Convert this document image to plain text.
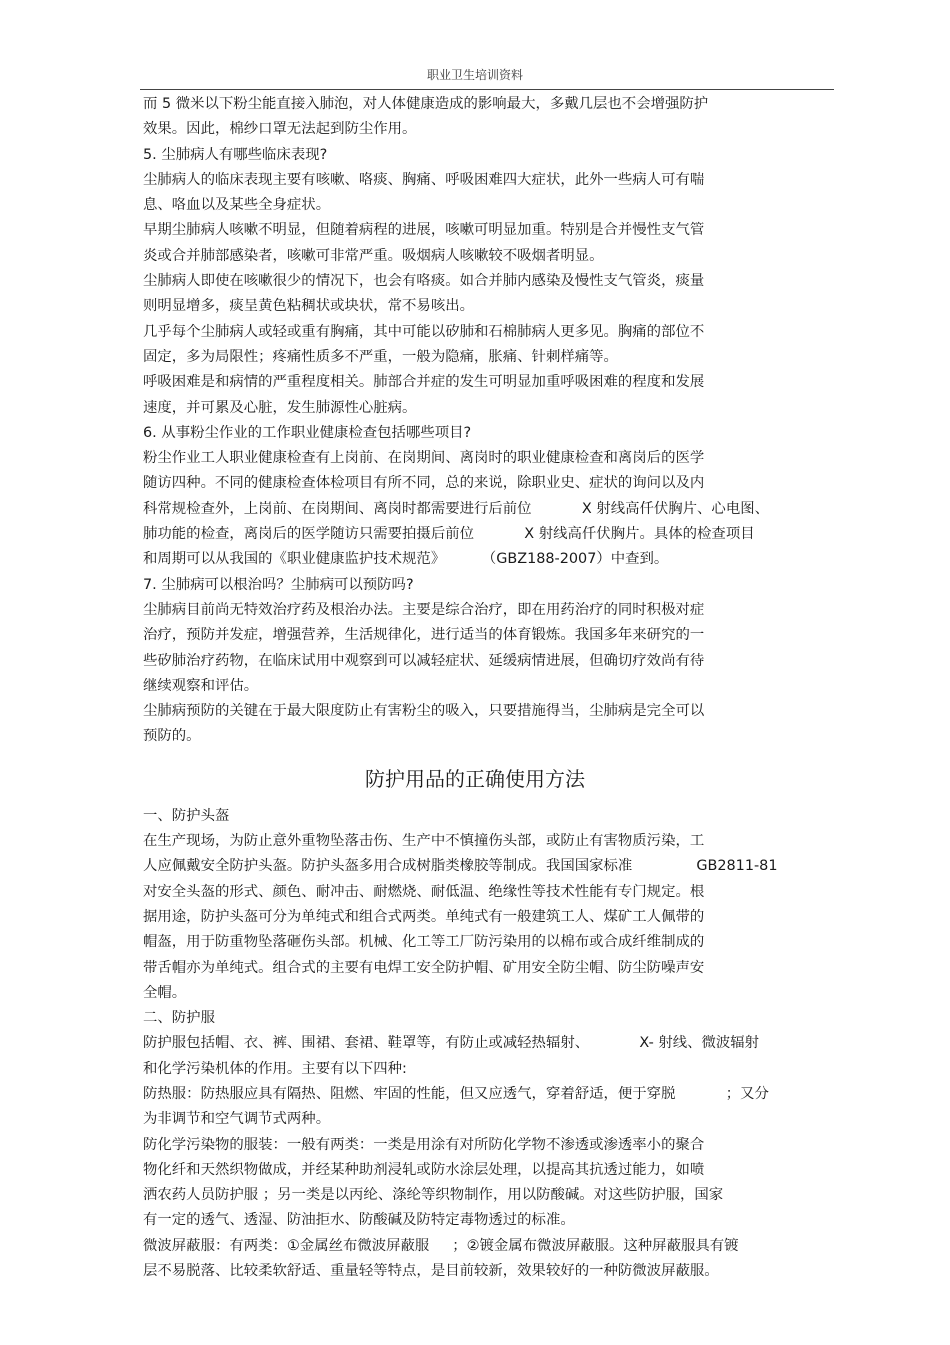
职业卫生培训资料
而 5 微米以下粉尘能直接入肺泡，对人体健康造成的影响最大，多戴几层也不会增强防护
效果。因此，棉纱口罩无法起到防尘作用。
5. 尘肺病人有哪些临床表现?
尘肺病人的临床表现主要有咳嗽、咯痰、胸痛、呼吸困难四大症状，此外一些病人可有喘
息、咯血以及某些全身症状。
早期尘肺病人咳嗽不明显，但随着病程的进展，咳嗽可明显加重。特别是合并慢性支气管
炎或合并肺部感染者，咳嗽可非常严重。吸烟病人咳嗽较不吸烟者明显。
尘肺病人即使在咳嗽很少的情况下，也会有咯痰。如合并肺内感染及慢性支气管炎，痰量
则明显增多，痰呈黄色粘稠状或块状，常不易咳出。
几乎每个尘肺病人或轻或重有胸痛，其中可能以矽肺和石棉肺病人更多见。胸痛的部位不
固定，多为局限性；疼痛性质多不严重，一般为隐痛，胀痛、针刺样痛等。
呼吸困难是和病情的严重程度相关。肺部合并症的发生可明显加重呼吸困难的程度和发展
速度，并可累及心脏，发生肺源性心脏病。
6. 从事粉尘作业的工作职业健康检查包括哪些项目?
粉尘作业工人职业健康检查有上岗前、在岗期间、离岗时的职业健康检查和离岗后的医学
随访四种。不同的健康检查体检项目有所不同，总的来说，除职业史、症状的询问以及内
科常规检查外，上岗前、在岗期间、离岗时都需要进行后前位           X 射线高仟伏胸片、心电图、
肺功能的检查，离岗后的医学随访只需要拍摄后前位           X 射线高仟伏胸片。具体的检查项目
和周期可以从我国的《职业健康监护技术规范》        （GBZ188-2007）中查到。
7. 尘肺病可以根治吗？尘肺病可以预防吗?
尘肺病目前尚无特效治疗药及根治办法。主要是综合治疗，即在用药治疗的同时积极对症
治疗，预防并发症，增强营养，生活规律化，进行适当的体育锻炼。我国多年来研究的一
些矽肺治疗药物，在临床试用中观察到可以减轻症状、延缓病情进展，但确切疗效尚有待
继续观察和评估。
尘肺病预防的关键在于最大限度防止有害粉尘的吸入，只要措施得当，尘肺病是完全可以
预防的。
防护用品的正确使用方法
一、防护头盔
在生产现场，为防止意外重物坠落击伤、生产中不慎撞伤头部，或防止有害物质污染，工
人应佩戴安全防护头盔。防护头盔多用合成树脂类橡胶等制成。我国国家标准              GB2811-81
对安全头盔的形式、颜色、耐冲击、耐燃烧、耐低温、绝缘性等技术性能有专门规定。根
据用途，防护头盔可分为单纯式和组合式两类。单纯式有一般建筑工人、煤矿工人佩带的
帽盔，用于防重物坠落砸伤头部。机械、化工等工厂防污染用的以棉布或合成纤维制成的
带舌帽亦为单纯式。组合式的主要有电焊工安全防护帽、矿用安全防尘帽、防尘防噪声安
全帽。
二、防护服
防护服包括帽、衣、裤、围裙、套裙、鞋罩等，有防止或减轻热辐射、           X- 射线、微波辐射
和化学污染机体的作用。主要有以下四种:
防热服：防热服应具有隔热、阻燃、牢固的性能，但又应透气，穿着舒适，便于穿脱           ；又分
为非调节和空气调节式两种。
防化学污染物的服装：一般有两类：一类是用涂有对所防化学物不渗透或渗透率小的聚合
物化纤和天然织物做成，并经某种助剂浸轧或防水涂层处理，以提高其抗透过能力，如喷
洒农药人员防护服 ；另一类是以丙纶、涤纶等织物制作，用以防酸碱。对这些防护服，国家
有一定的透气、透湿、防油拒水、防酸碱及防特定毒物透过的标准。
微波屏蔽服：有两类：①金属丝布微波屏蔽服     ；②镀金属布微波屏蔽服。这种屏蔽服具有镀
层不易脱落、比较柔软舒适、重量轻等特点，是目前较新，效果较好的一种防微波屏蔽服。
